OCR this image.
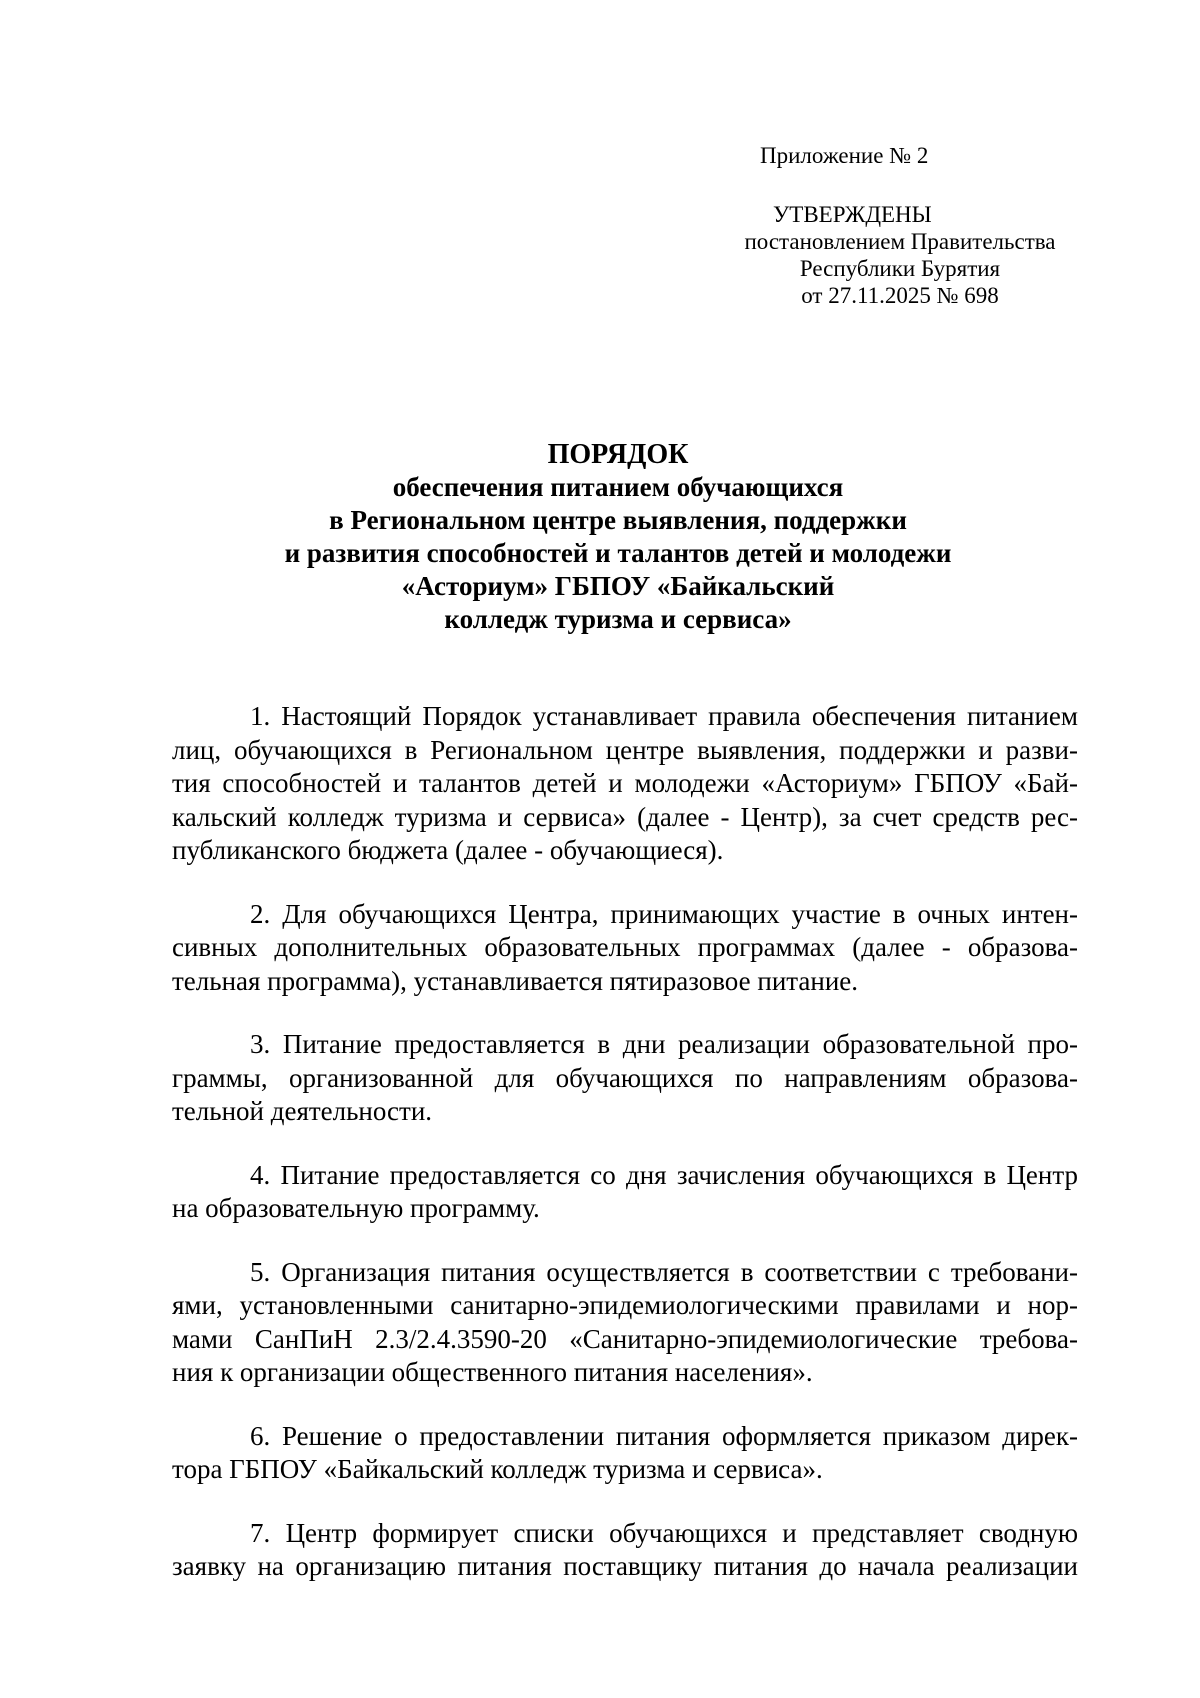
Приложение № 2
УТВЕРЖДЕНЫ
постановлением Правительства
Республики Бурятия
от 27.11.2025 № 698
ПОРЯДОК
обеспечения питанием обучающихся
в Региональном центре выявления, поддержки
и развития способностей и талантов детей и молодежи
«Асториум» ГБПОУ «Байкальский
колледж туризма и сервиса»
1. Настоящий Порядок устанавливает правила обеспечения питанием
лиц, обучающихся в Региональном центре выявления, поддержки и разви-
тия способностей и талантов детей и молодежи «Асториум» ГБПОУ «Бай-
кальский колледж туризма и сервиса» (далее - Центр), за счет средств рес-
публиканского бюджета (далее - обучающиеся).
2. Для обучающихся Центра, принимающих участие в очных интен-
сивных дополнительных образовательных программах (далее - образова-
тельная программа), устанавливается пятиразовое питание.
3. Питание предоставляется в дни реализации образовательной про-
граммы, организованной для обучающихся по направлениям образова-
тельной деятельности.
4. Питание предоставляется со дня зачисления обучающихся в Центр
на образовательную программу.
5. Организация питания осуществляется в соответствии с требовани-
ями, установленными санитарно-эпидемиологическими правилами и нор-
мами СанПиН 2.3/2.4.3590-20 «Санитарно-эпидемиологические требова-
ния к организации общественного питания населения».
6. Решение о предоставлении питания оформляется приказом дирек-
тора ГБПОУ «Байкальский колледж туризма и сервиса».
7. Центр формирует списки обучающихся и представляет сводную
заявку на организацию питания поставщику питания до начала реализации
